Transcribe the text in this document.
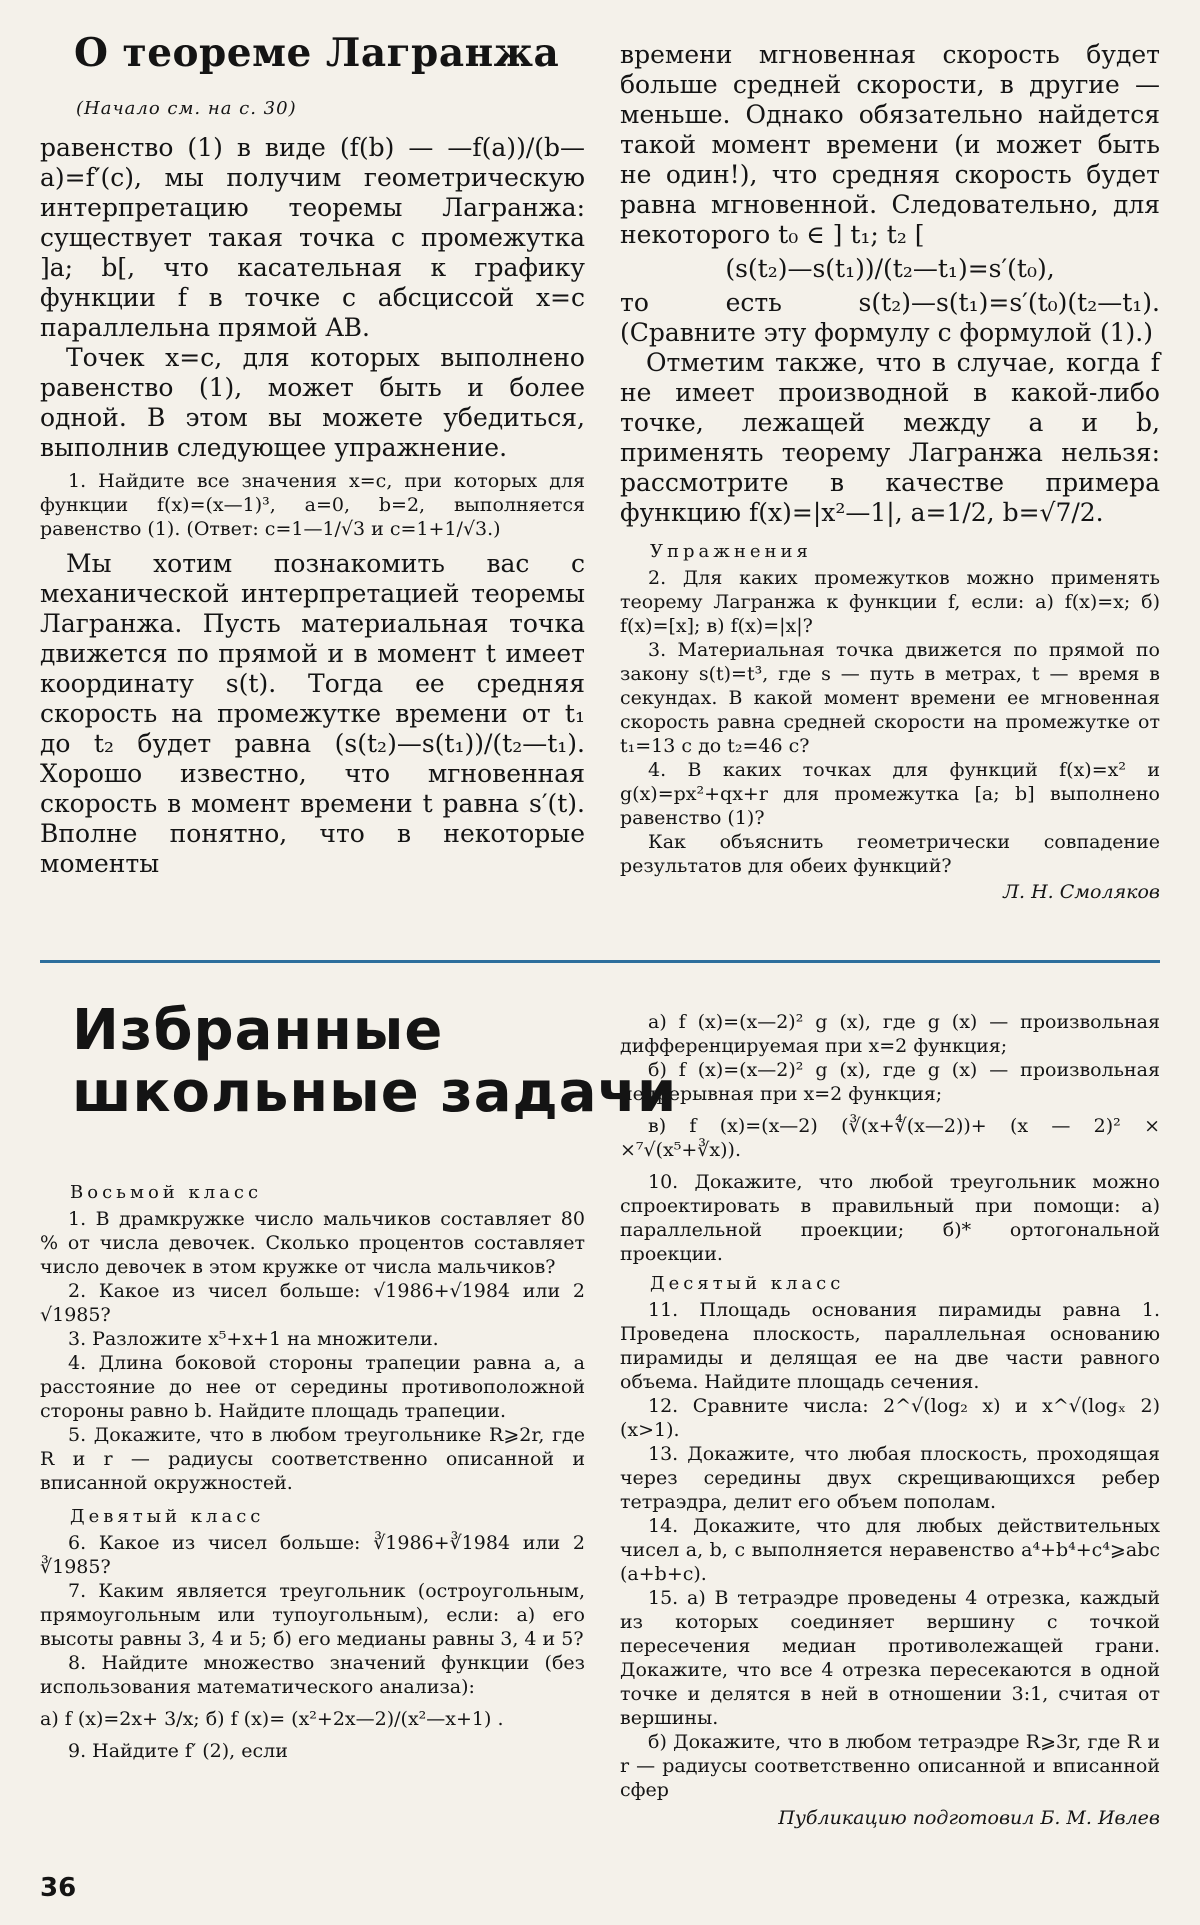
О теореме Лагранжа
(Начало см. на с. 30)

равенство (1) в виде (f(b) — —f(a))/(b—a)=f′(c), мы получим геометрическую интерпретацию теоремы Лагранжа: существует такая точка c промежутка ]a; b[, что касательная к графику функции f в точке с абсциссой x=c параллельна прямой AB.

Точек x=c, для которых выполнено равенство (1), может быть и более одной. В этом вы можете убедиться, выполнив следующее упражнение.

1. Найдите все значения x=c, при которых для функции f(x)=(x—1)³, a=0, b=2, выполняется равенство (1). (Ответ: c=1—1/√3 и c=1+1/√3.)

Мы хотим познакомить вас с механической интерпретацией теоремы Лагранжа. Пусть материальная точка движется по прямой и в момент t имеет координату s(t). Тогда ее средняя скорость на промежутке времени от t₁ до t₂ будет равна (s(t₂)—s(t₁))/(t₂—t₁). Хорошо известно, что мгновенная скорость в момент времени t равна s′(t). Вполне понятно, что в некоторые моменты

времени мгновенная скорость будет больше средней скорости, в другие — меньше. Однако обязательно найдется такой момент времени (и может быть не один!), что средняя скорость будет равна мгновенной. Следовательно, для некоторого t₀ ∈ ] t₁; t₂ [

(s(t₂)—s(t₁))/(t₂—t₁)=s′(t₀),

то есть s(t₂)—s(t₁)=s′(t₀)(t₂—t₁). (Сравните эту формулу с формулой (1).)

Отметим также, что в случае, когда f не имеет производной в какой-либо точке, лежащей между a и b, применять теорему Лагранжа нельзя: рассмотрите в качестве примера функцию f(x)=|x²—1|, a=1/2, b=√7/2.

Упражнения

2. Для каких промежутков можно применять теорему Лагранжа к функции f, если: а) f(x)=x; б) f(x)=[x]; в) f(x)=|x|?

3. Материальная точка движется по прямой по закону s(t)=t³, где s — путь в метрах, t — время в секундах. В какой момент времени ее мгновенная скорость равна средней скорости на промежутке от t₁=13 с до t₂=46 с?

4. В каких точках для функций f(x)=x² и g(x)=px²+qx+r для промежутка [a; b] выполнено равенство (1)?

Как объяснить геометрически совпадение результатов для обеих функций?

Л. Н. Смоляков
Избранные
школьные задачи
Восьмой класс

1. В драмкружке число мальчиков составляет 80 % от числа девочек. Сколько процентов составляет число девочек в этом кружке от числа мальчиков?

2. Какое из чисел больше: √1986+√1984 или 2 √1985?

3. Разложите x⁵+x+1 на множители.

4. Длина боковой стороны трапеции равна a, а расстояние до нее от середины противоположной стороны равно b. Найдите площадь трапеции.

5. Докажите, что в любом треугольнике R⩾2r, где R и r — радиусы соответственно описанной и вписанной окружностей.

Девятый класс

6. Какое из чисел больше: ∛1986+∛1984 или 2 ∛1985?

7. Каким является треугольник (остроугольным, прямоугольным или тупоугольным), если: а) его высоты равны 3, 4 и 5; б) его медианы равны 3, 4 и 5?

8. Найдите множество значений функции (без использования математического анализа):

а) f (x)=2x+ 3/x; б) f (x)= (x²+2x—2)/(x²—x+1) .

9. Найдите f′ (2), если

а) f (x)=(x—2)² g (x), где g (x) — произвольная дифференцируемая при x=2 функция;

б) f (x)=(x—2)² g (x), где g (x) — произвольная непрерывная при x=2 функция;

в) f (x)=(x—2) (∛(x+∜(x—2))+ (x — 2)² × ×⁷√(x⁵+∛x)).

10. Докажите, что любой треугольник можно спроектировать в правильный при помощи: а) параллельной проекции; б)* ортогональной проекции.

Десятый класс

11. Площадь основания пирамиды равна 1. Проведена плоскость, параллельная основанию пирамиды и делящая ее на две части равного объема. Найдите площадь сечения.

12. Сравните числа: 2^√(log₂ x) и x^√(logₓ 2) (x>1).

13. Докажите, что любая плоскость, проходящая через середины двух скрещивающихся ребер тетраэдра, делит его объем пополам.

14. Докажите, что для любых действительных чисел a, b, c выполняется неравенство a⁴+b⁴+c⁴⩾abc (a+b+c).

15. а) В тетраэдре проведены 4 отрезка, каждый из которых соединяет вершину с точкой пересечения медиан противолежащей грани. Докажите, что все 4 отрезка пересекаются в одной точке и делятся в ней в отношении 3:1, считая от вершины.

б) Докажите, что в любом тетраэдре R⩾3r, где R и r — радиусы соответственно описанной и вписанной сфер

Публикацию подготовил Б. М. Ивлев
36
